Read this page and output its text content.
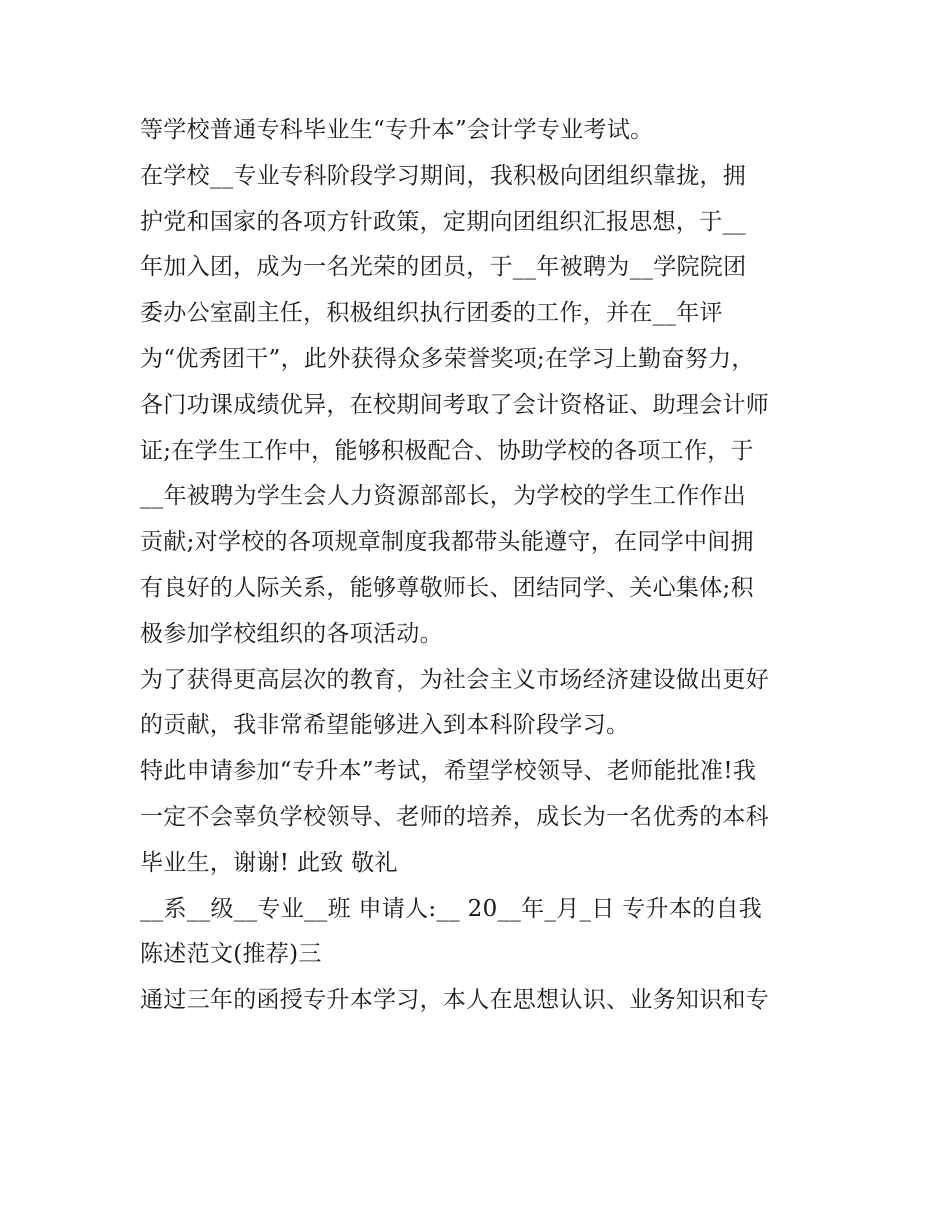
等学校普通专科毕业生“专升本”会计学专业考试。
在学校__专业专科阶段学习期间，我积极向团组织靠拢，拥
护党和国家的各项方针政策，定期向团组织汇报思想，于__
年加入团，成为一名光荣的团员，于__年被聘为__学院院团
委办公室副主任，积极组织执行团委的工作，并在__年评
为“优秀团干”，此外获得众多荣誉奖项;在学习上勤奋努力，
各门功课成绩优异，在校期间考取了会计资格证、助理会计师
证;在学生工作中，能够积极配合、协助学校的各项工作，于
__年被聘为学生会人力资源部部长，为学校的学生工作作出
贡献;对学校的各项规章制度我都带头能遵守，在同学中间拥
有良好的人际关系，能够尊敬师长、团结同学、关心集体;积
极参加学校组织的各项活动。
为了获得更高层次的教育，为社会主义市场经济建设做出更好
的贡献，我非常希望能够进入到本科阶段学习。
特此申请参加“专升本”考试，希望学校领导、老师能批准!我
一定不会辜负学校领导、老师的培养，成长为一名优秀的本科
毕业生，谢谢! 此致 敬礼
__系__级__专业__班 申请人:__ 20__年_月_日 专升本的自我
陈述范文(推荐)三
通过三年的函授专升本学习，本人在思想认识、业务知识和专
